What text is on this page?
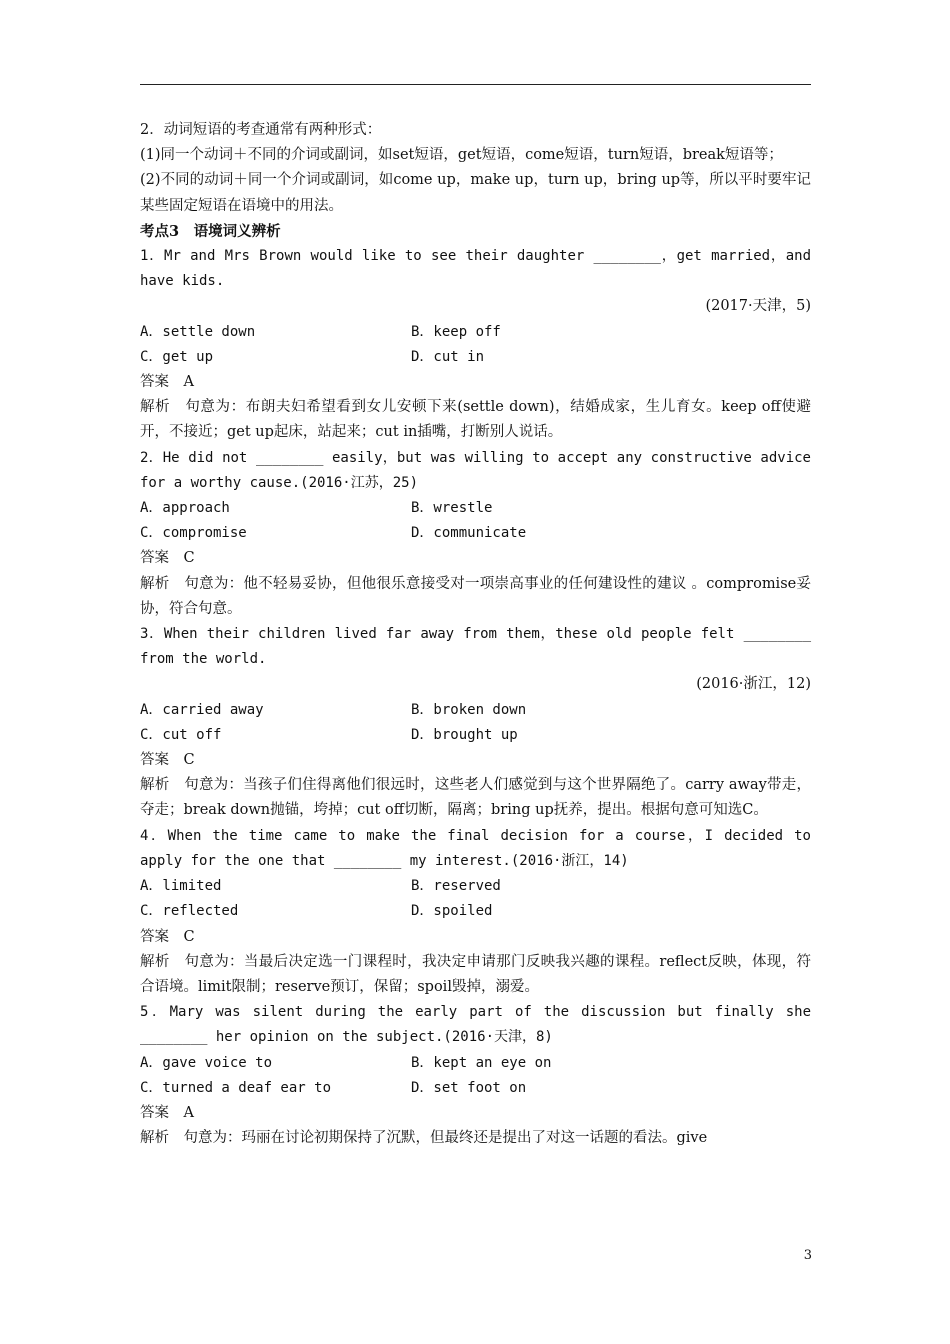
2．动词短语的考查通常有两种形式：
(1)同一个动词＋不同的介词或副词，如set短语，get短语，come短语，turn短语，break短语等；
(2)不同的动词＋同一个介词或副词，如come up，make up，turn up，bring up等，所以平时要牢记某些固定短语在语境中的用法。
考点3　语境词义辨析
1．Mr and Mrs Brown would like to see their daughter ________，get married，and have kids.
(2017·天津，5)
A．settle down	B．keep off
C．get up	D．cut in
答案　A
解析　句意为：布朗夫妇希望看到女儿安顿下来(settle down)，结婚成家，生儿育女。keep off使避开，不接近；get up起床，站起来；cut in插嘴，打断别人说话。
2．He did not ________ easily，but was willing to accept any constructive advice for a worthy cause.(2016·江苏，25)
A．approach	B．wrestle
C．compromise	D．communicate
答案　C
解析　句意为：他不轻易妥协，但他很乐意接受对一项崇高事业的任何建设性的建议 。compromise妥协，符合句意。
3．When their children lived far away from them，these old people felt ________ from the world.
(2016·浙江，12)
A．carried away	B．broken down
C．cut off	D．brought up
答案　C
解析　句意为：当孩子们住得离他们很远时，这些老人们感觉到与这个世界隔绝了。carry away带走，夺走；break down抛锚，垮掉；cut off切断，隔离；bring up抚养，提出。根据句意可知选C。
4．When the time came to make the final decision for a course，I decided to apply for the one that ________ my interest.(2016·浙江，14)
A．limited	B．reserved
C．reflected	D．spoiled
答案　C
解析　句意为：当最后决定选一门课程时，我决定申请那门反映我兴趣的课程。reflect反映，体现，符合语境。limit限制；reserve预订，保留；spoil毁掉，溺爱。
5．Mary was silent during the early part of the discussion but finally she ________ her opinion on the subject.(2016·天津，8)
A．gave voice to	B．kept an eye on
C．turned a deaf ear to	D．set foot on
答案　A
解析　句意为：玛丽在讨论初期保持了沉默，但最终还是提出了对这一话题的看法。give
3
